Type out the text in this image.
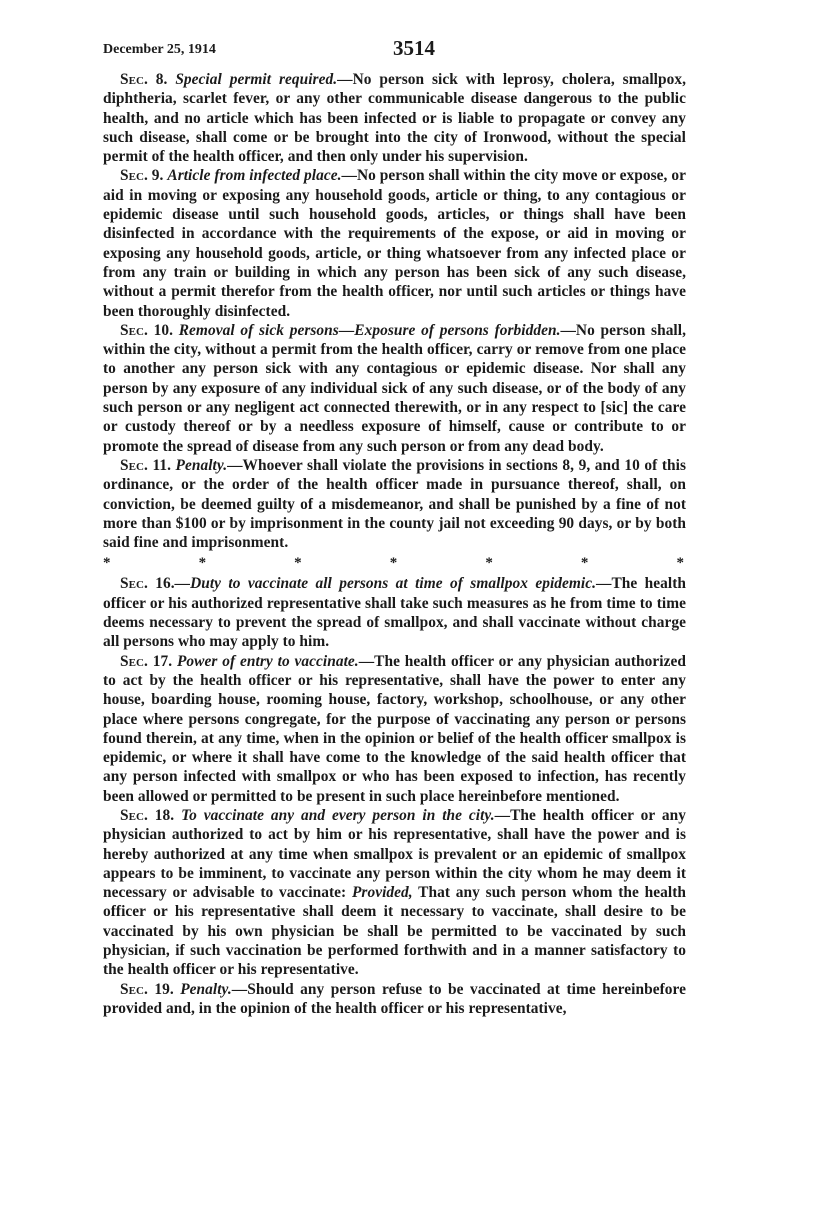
December 25, 1914	3514

Sec. 8. Special permit required.—No person sick with leprosy, cholera, smallpox, diphtheria, scarlet fever, or any other communicable disease dangerous to the public health, and no article which has been infected or is liable to propagate or convey any such disease, shall come or be brought into the city of Ironwood, without the special permit of the health officer, and then only under his supervision.

Sec. 9. Article from infected place.—No person shall within the city move or expose, or aid in moving or exposing any household goods, article or thing, to any contagious or epidemic disease until such household goods, articles, or things shall have been disinfected in accordance with the requirements of the expose, or aid in moving or exposing any household goods, article, or thing whatsoever from any infected place or from any train or building in which any person has been sick of any such disease, without a permit therefor from the health officer, nor until such articles or things have been thoroughly disinfected.

Sec. 10. Removal of sick persons—Exposure of persons forbidden.—No person shall, within the city, without a permit from the health officer, carry or remove from one place to another any person sick with any contagious or epidemic disease. Nor shall any person by any exposure of any individual sick of any such disease, or of the body of any such person or any negligent act connected therewith, or in any respect to [sic] the care or custody thereof or by a needless exposure of himself, cause or contribute to or promote the spread of disease from any such person or from any dead body.

Sec. 11. Penalty.—Whoever shall violate the provisions in sections 8, 9, and 10 of this ordinance, or the order of the health officer made in pursuance thereof, shall, on conviction, be deemed guilty of a misdemeanor, and shall be punished by a fine of not more than $100 or by imprisonment in the county jail not exceeding 90 days, or by both said fine and imprisonment.

*	*	*	*	*	*	*

Sec. 16.—Duty to vaccinate all persons at time of smallpox epidemic.—The health officer or his authorized representative shall take such measures as he from time to time deems necessary to prevent the spread of smallpox, and shall vaccinate without charge all persons who may apply to him.

Sec. 17. Power of entry to vaccinate.—The health officer or any physician authorized to act by the health officer or his representative, shall have the power to enter any house, boarding house, rooming house, factory, workshop, schoolhouse, or any other place where persons congregate, for the purpose of vaccinating any person or persons found therein, at any time, when in the opinion or belief of the health officer smallpox is epidemic, or where it shall have come to the knowledge of the said health officer that any person infected with smallpox or who has been exposed to infection, has recently been allowed or permitted to be present in such place hereinbefore mentioned.

Sec. 18. To vaccinate any and every person in the city.—The health officer or any physician authorized to act by him or his representative, shall have the power and is hereby authorized at any time when smallpox is prevalent or an epidemic of smallpox appears to be imminent, to vaccinate any person within the city whom he may deem it necessary or advisable to vaccinate: Provided, That any such person whom the health officer or his representative shall deem it necessary to vaccinate, shall desire to be vaccinated by his own physician be shall be permitted to be vaccinated by such physician, if such vaccination be performed forthwith and in a manner satisfactory to the health officer or his representative.

Sec. 19. Penalty.—Should any person refuse to be vaccinated at time hereinbefore provided and, in the opinion of the health officer or his representative,
